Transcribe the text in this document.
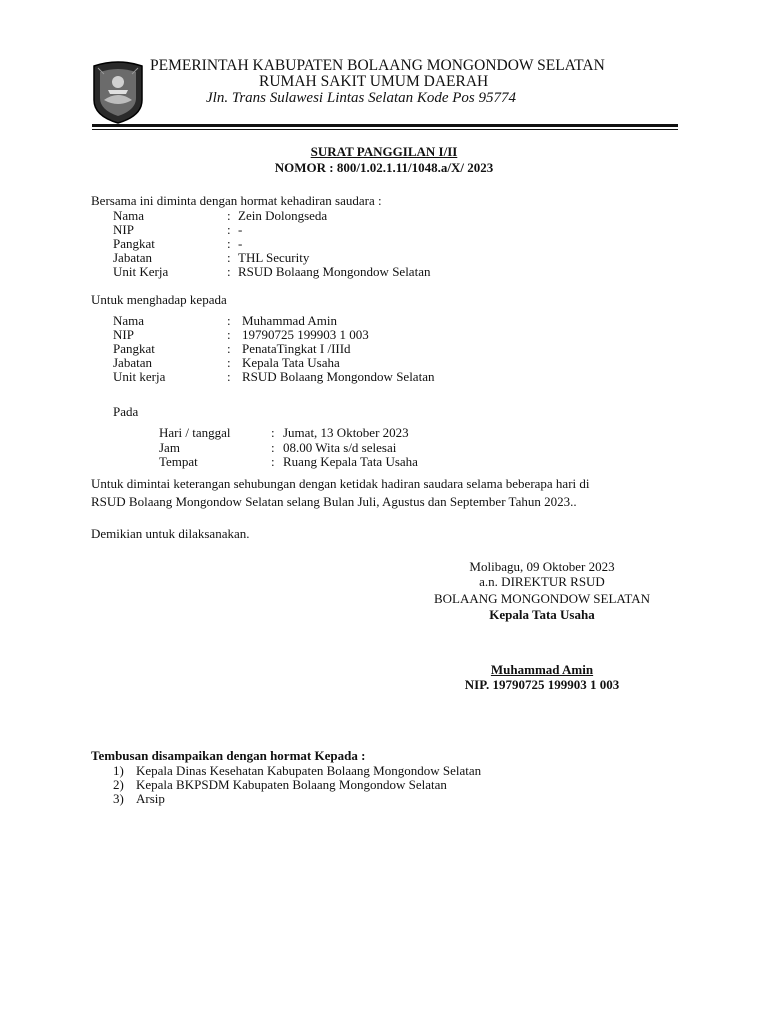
PEMERINTAH KABUPATEN BOLAANG MONGONDOW SELATAN
RUMAH SAKIT UMUM DAERAH
Jln. Trans Sulawesi Lintas Selatan Kode Pos 95774
SURAT PANGGILAN I/II
NOMOR : 800/1.02.1.11/1048.a/X/ 2023
Bersama ini diminta dengan hormat kehadiran saudara :
Nama	: Zein Dolongseda
NIP	: -
Pangkat	: -
Jabatan	: THL Security
Unit Kerja	: RSUD Bolaang Mongondow Selatan
Untuk menghadap kepada
Nama	: Muhammad Amin
NIP	: 19790725 199903 1 003
Pangkat	: PenataTingkat I /IIId
Jabatan	: Kepala Tata Usaha
Unit kerja	: RSUD Bolaang Mongondow Selatan
Pada
Hari / tanggal	: Jumat, 13 Oktober 2023
Jam	: 08.00 Wita s/d selesai
Tempat	: Ruang Kepala Tata Usaha
Untuk dimintai keterangan sehubungan dengan ketidak hadiran saudara selama beberapa hari di
RSUD Bolaang Mongondow Selatan selang Bulan Juli, Agustus dan September Tahun 2023..
Demikian untuk dilaksanakan.
Molibagu, 09 Oktober 2023
a.n. DIREKTUR RSUD
BOLAANG MONGONDOW SELATAN
Kepala Tata Usaha
Muhammad Amin
NIP. 19790725 199903 1 003
Tembusan disampaikan dengan hormat Kepada :
1) Kepala Dinas Kesehatan Kabupaten Bolaang Mongondow Selatan
2) Kepala BKPSDM Kabupaten Bolaang Mongondow Selatan
3) Arsip
